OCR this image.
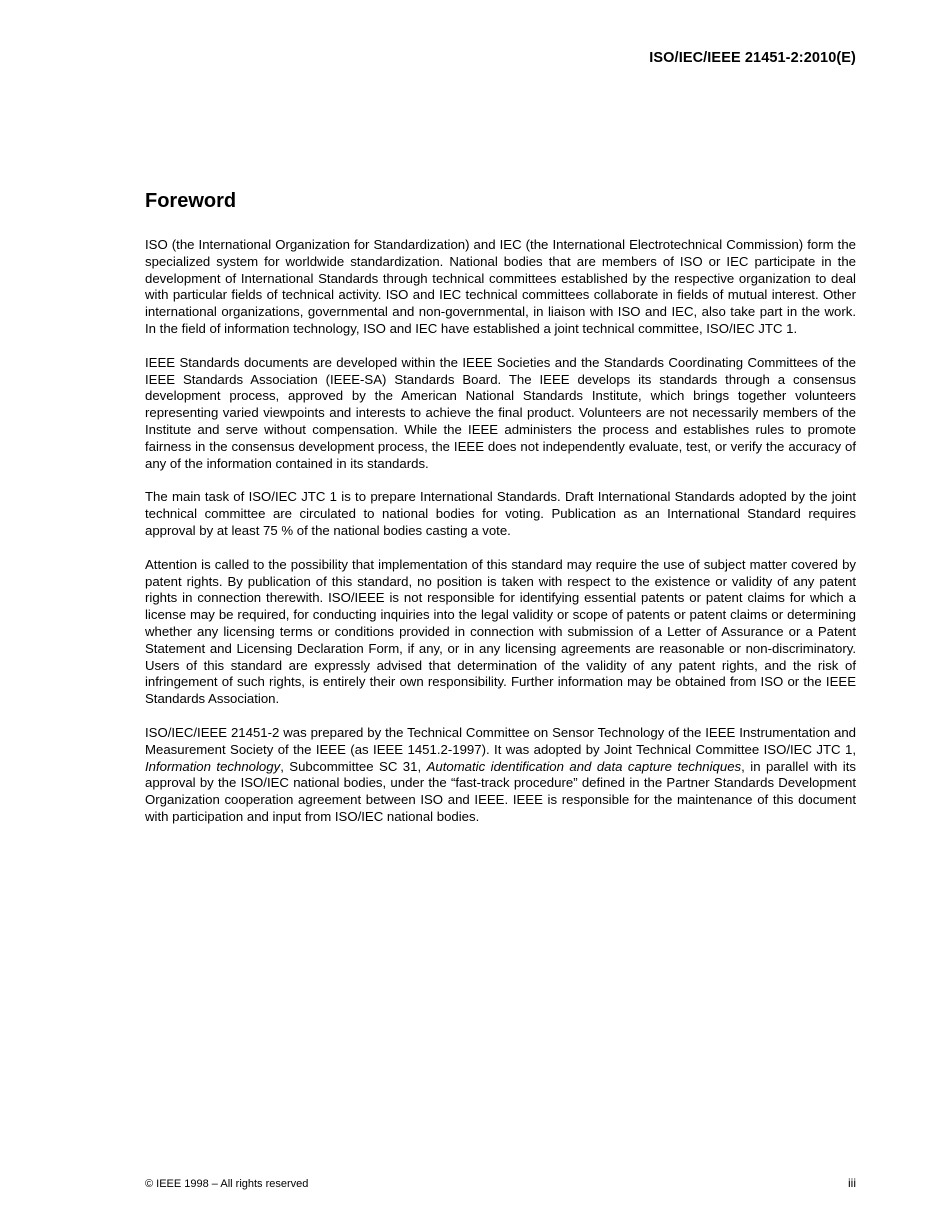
ISO/IEC/IEEE 21451-2:2010(E)
Foreword

ISO (the International Organization for Standardization) and IEC (the International Electrotechnical Commission) form the specialized system for worldwide standardization. National bodies that are members of ISO or IEC participate in the development of International Standards through technical committees established by the respective organization to deal with particular fields of technical activity. ISO and IEC technical committees collaborate in fields of mutual interest. Other international organizations, governmental and non-governmental, in liaison with ISO and IEC, also take part in the work. In the field of information technology, ISO and IEC have established a joint technical committee, ISO/IEC JTC 1.

IEEE Standards documents are developed within the IEEE Societies and the Standards Coordinating Committees of the IEEE Standards Association (IEEE-SA) Standards Board. The IEEE develops its standards through a consensus development process, approved by the American National Standards Institute, which brings together volunteers representing varied viewpoints and interests to achieve the final product. Volunteers are not necessarily members of the Institute and serve without compensation. While the IEEE administers the process and establishes rules to promote fairness in the consensus development process, the IEEE does not independently evaluate, test, or verify the accuracy of any of the information contained in its standards.

The main task of ISO/IEC JTC 1 is to prepare International Standards. Draft International Standards adopted by the joint technical committee are circulated to national bodies for voting. Publication as an International Standard requires approval by at least 75 % of the national bodies casting a vote.

Attention is called to the possibility that implementation of this standard may require the use of subject matter covered by patent rights. By publication of this standard, no position is taken with respect to the existence or validity of any patent rights in connection therewith. ISO/IEEE is not responsible for identifying essential patents or patent claims for which a license may be required, for conducting inquiries into the legal validity or scope of patents or patent claims or determining whether any licensing terms or conditions provided in connection with submission of a Letter of Assurance or a Patent Statement and Licensing Declaration Form, if any, or in any licensing agreements are reasonable or non-discriminatory. Users of this standard are expressly advised that determination of the validity of any patent rights, and the risk of infringement of such rights, is entirely their own responsibility. Further information may be obtained from ISO or the IEEE Standards Association.

ISO/IEC/IEEE 21451-2 was prepared by the Technical Committee on Sensor Technology of the IEEE Instrumentation and Measurement Society of the IEEE (as IEEE 1451.2-1997). It was adopted by Joint Technical Committee ISO/IEC JTC 1, Information technology, Subcommittee SC 31, Automatic identification and data capture techniques, in parallel with its approval by the ISO/IEC national bodies, under the “fast-track procedure” defined in the Partner Standards Development Organization cooperation agreement between ISO and IEEE. IEEE is responsible for the maintenance of this document with participation and input from ISO/IEC national bodies.

© IEEE 1998 – All rights reserved	iii
